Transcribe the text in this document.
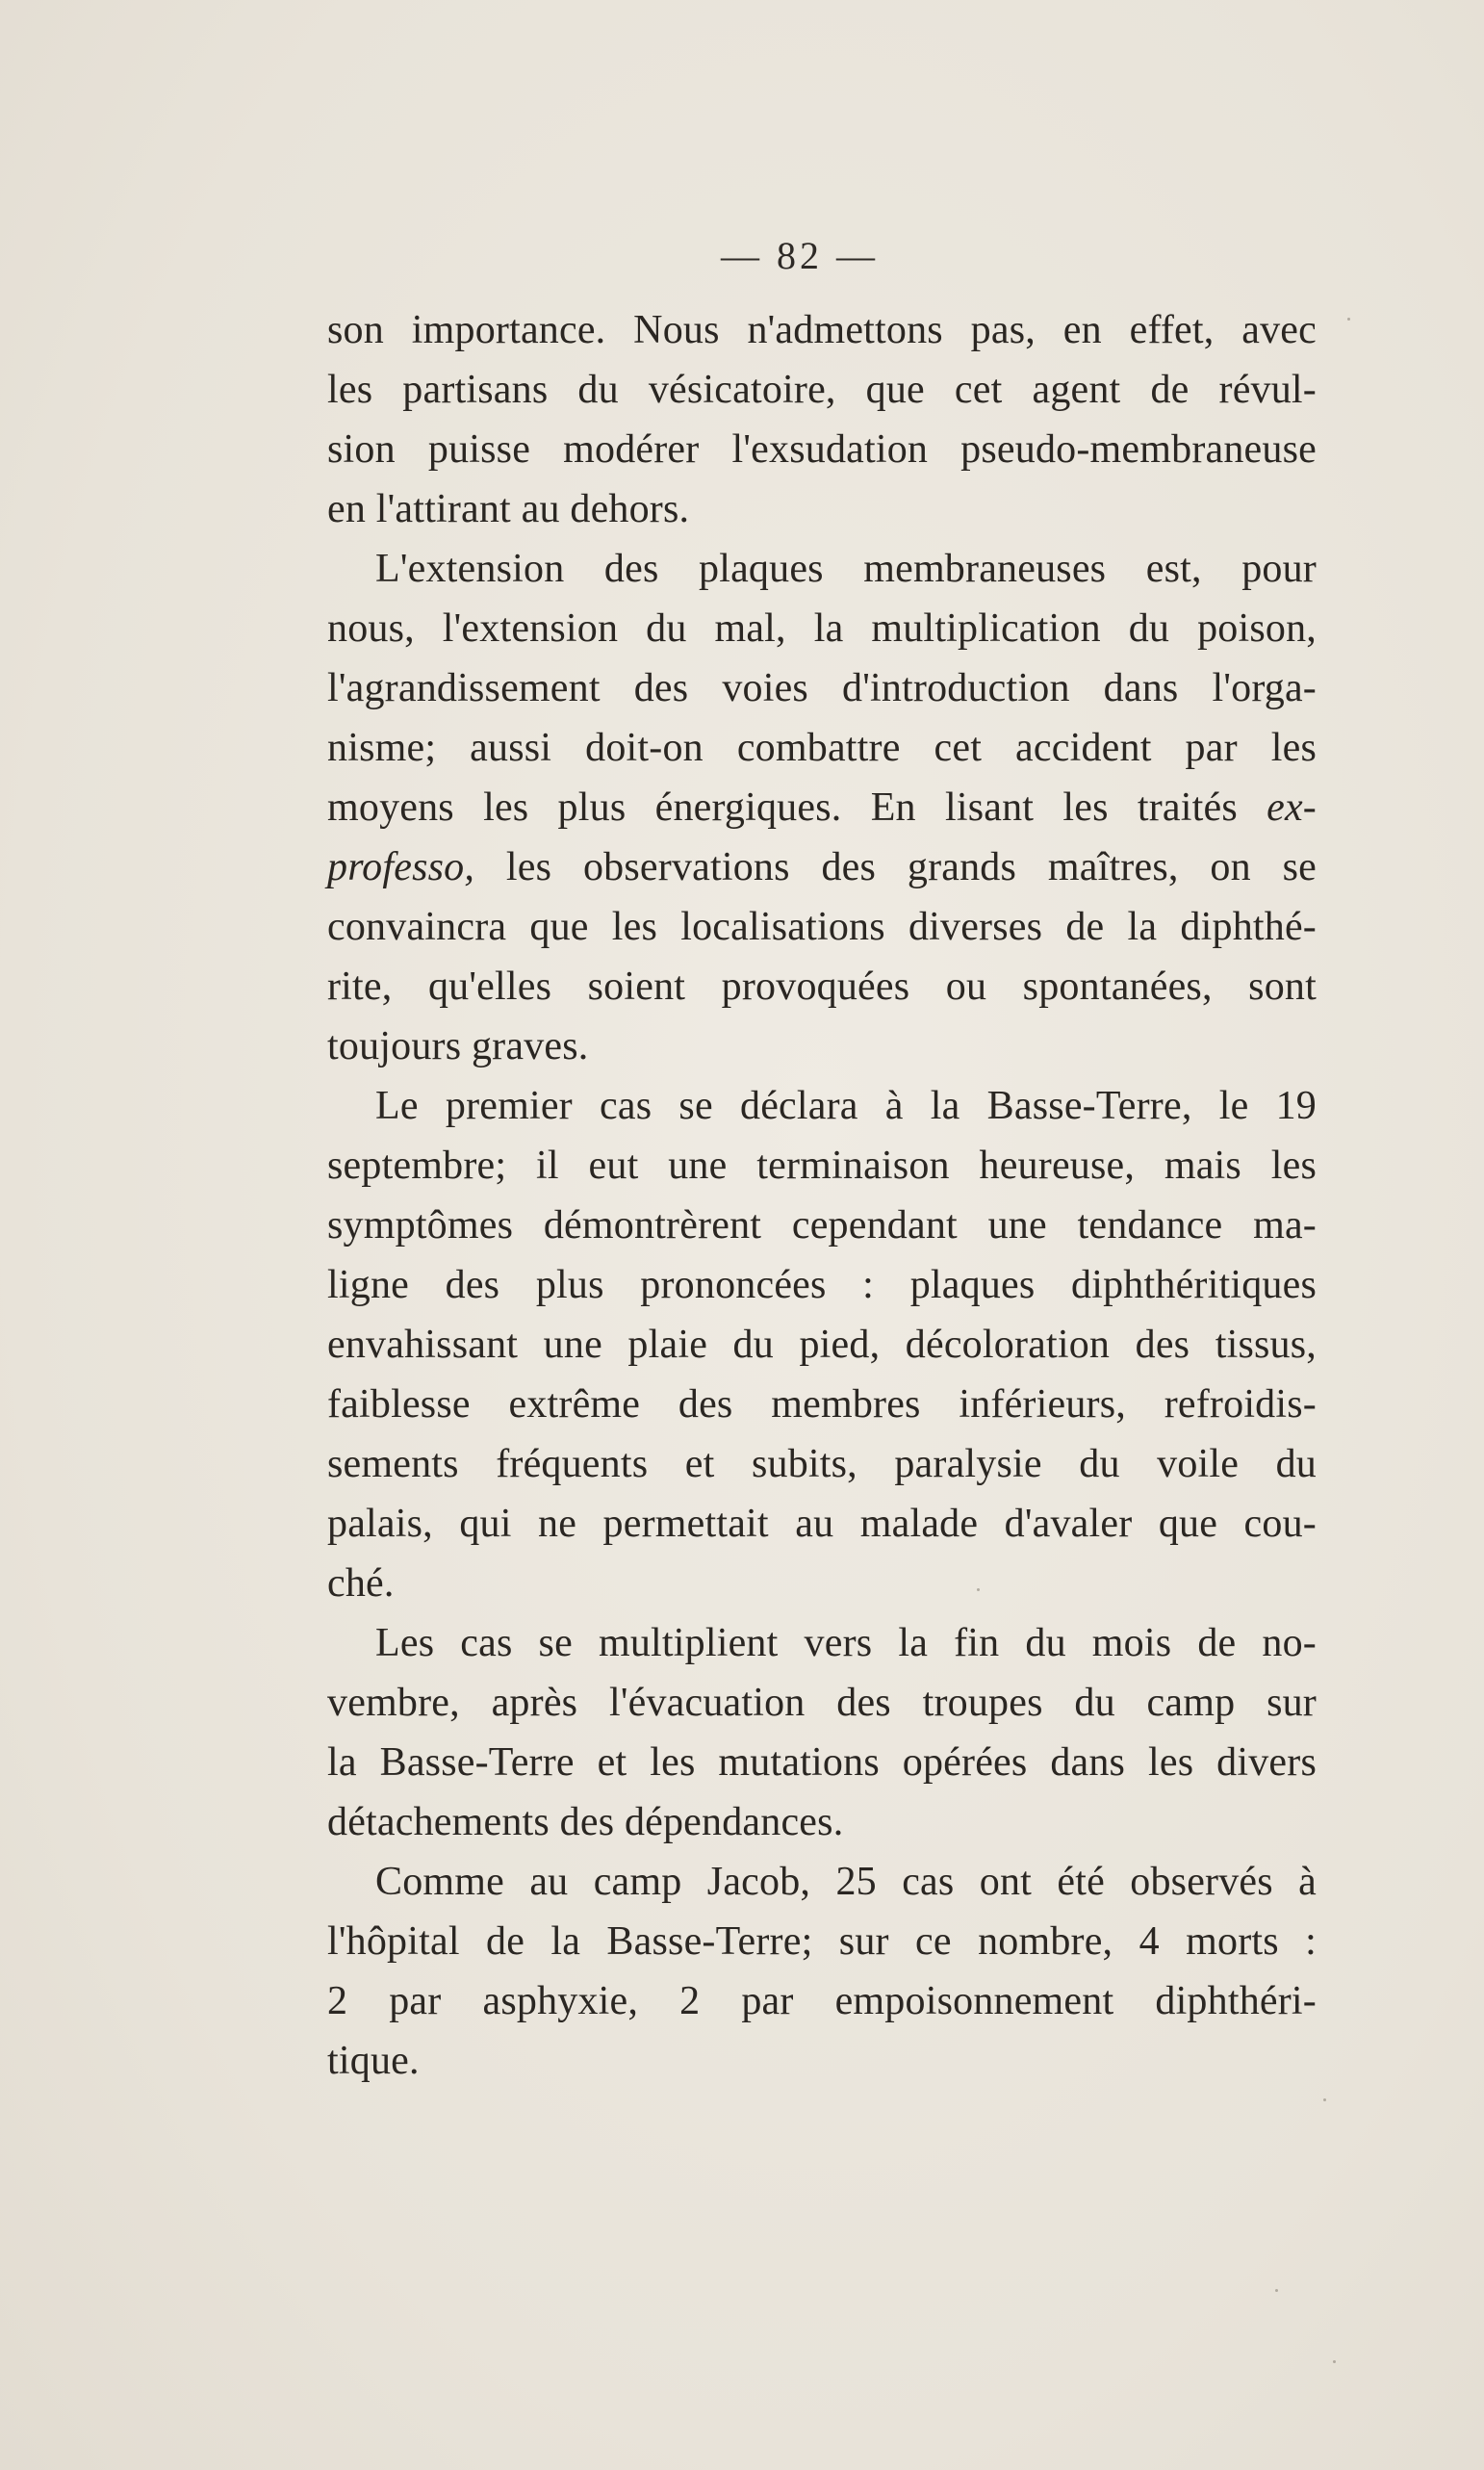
— 82 —
son importance. Nous n'admettons pas, en effet, avec
les partisans du vésicatoire, que cet agent de révul-
sion puisse modérer l'exsudation pseudo-membraneuse
en l'attirant au dehors.
L'extension des plaques membraneuses est, pour
nous, l'extension du mal, la multiplication du poison,
l'agrandissement des voies d'introduction dans l'orga-
nisme; aussi doit-on combattre cet accident par les
moyens les plus énergiques. En lisant les traités ex-
professo, les observations des grands maîtres, on se
convaincra que les localisations diverses de la diphthé-
rite, qu'elles soient provoquées ou spontanées, sont
toujours graves.
Le premier cas se déclara à la Basse-Terre, le 19
septembre; il eut une terminaison heureuse, mais les
symptômes démontrèrent cependant une tendance ma-
ligne des plus prononcées : plaques diphthéritiques
envahissant une plaie du pied, décoloration des tissus,
faiblesse extrême des membres inférieurs, refroidis-
sements fréquents et subits, paralysie du voile du
palais, qui ne permettait au malade d'avaler que cou-
ché.
Les cas se multiplient vers la fin du mois de no-
vembre, après l'évacuation des troupes du camp sur
la Basse-Terre et les mutations opérées dans les divers
détachements des dépendances.
Comme au camp Jacob, 25 cas ont été observés à
l'hôpital de la Basse-Terre; sur ce nombre, 4 morts :
2 par asphyxie, 2 par empoisonnement diphthéri-
tique.
